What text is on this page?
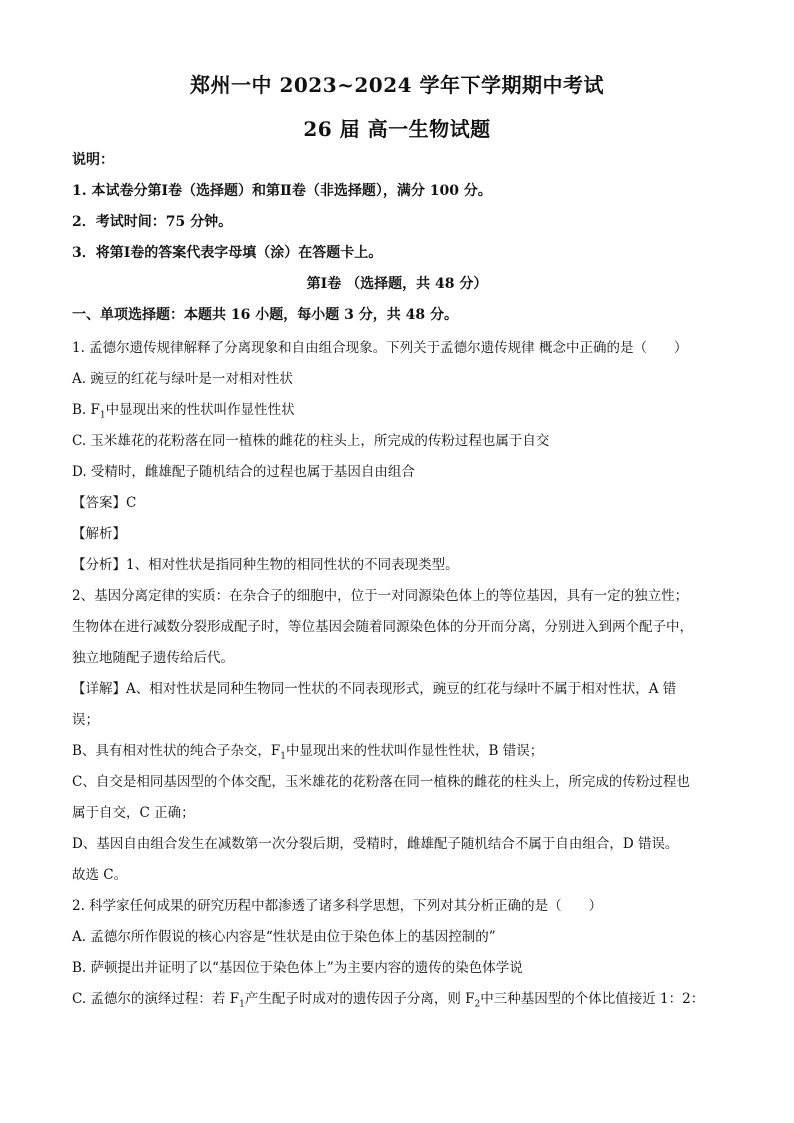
郑州一中 2023~2024 学年下学期期中考试
26 届 高一生物试题
说明：
1. 本试卷分第Ⅰ卷（选择题）和第Ⅱ卷（非选择题），满分 100 分。
2．考试时间：75 分钟。
3．将第Ⅰ卷的答案代表字母填（涂）在答题卡上。
第Ⅰ卷 （选择题，共 48 分）
一、单项选择题：本题共 16 小题，每小题 3 分，共 48 分。
1. 孟德尔遗传规律解释了分离现象和自由组合现象。下列关于孟德尔遗传规律 概念中正确的是（　　）
A. 豌豆的红花与绿叶是一对相对性状
B. $F_1$中显现出来的性状叫作显性性状
C. 玉米雄花的花粉落在同一植株的雌花的柱头上，所完成的传粉过程也属于自交
D. 受精时，雌雄配子随机结合的过程也属于基因自由组合
【答案】C
【解析】
【分析】1、相对性状是指同种生物的相同性状的不同表现类型。
2、基因分离定律的实质：在杂合子的细胞中，位于一对同源染色体上的等位基因，具有一定的独立性；
生物体在进行减数分裂形成配子时，等位基因会随着同源染色体的分开而分离，分别进入到两个配子中，
独立地随配子遗传给后代。
【详解】A、相对性状是同种生物同一性状的不同表现形式，豌豆的红花与绿叶不属于相对性状，A 错
误；
B、具有相对性状的纯合子杂交，$F_1$中显现出来的性状叫作显性性状，B 错误；
C、自交是相同基因型的个体交配，玉米雄花的花粉落在同一植株的雌花的柱头上，所完成的传粉过程也
属于自交，C 正确；
D、基因自由组合发生在减数第一次分裂后期，受精时，雌雄配子随机结合不属于自由组合，D 错误。
故选 C。
2. 科学家任何成果的研究历程中都渗透了诸多科学思想，下列对其分析正确的是（　　）
A. 孟德尔所作假说的核心内容是“性状是由位于染色体上的基因控制的”
B. 萨顿提出并证明了以“基因位于染色体上”为主要内容的遗传的染色体学说
C. 孟德尔的演绎过程：若 $F_1$产生配子时成对的遗传因子分离，则 $F_2$中三种基因型的个体比值接近 1：2：
